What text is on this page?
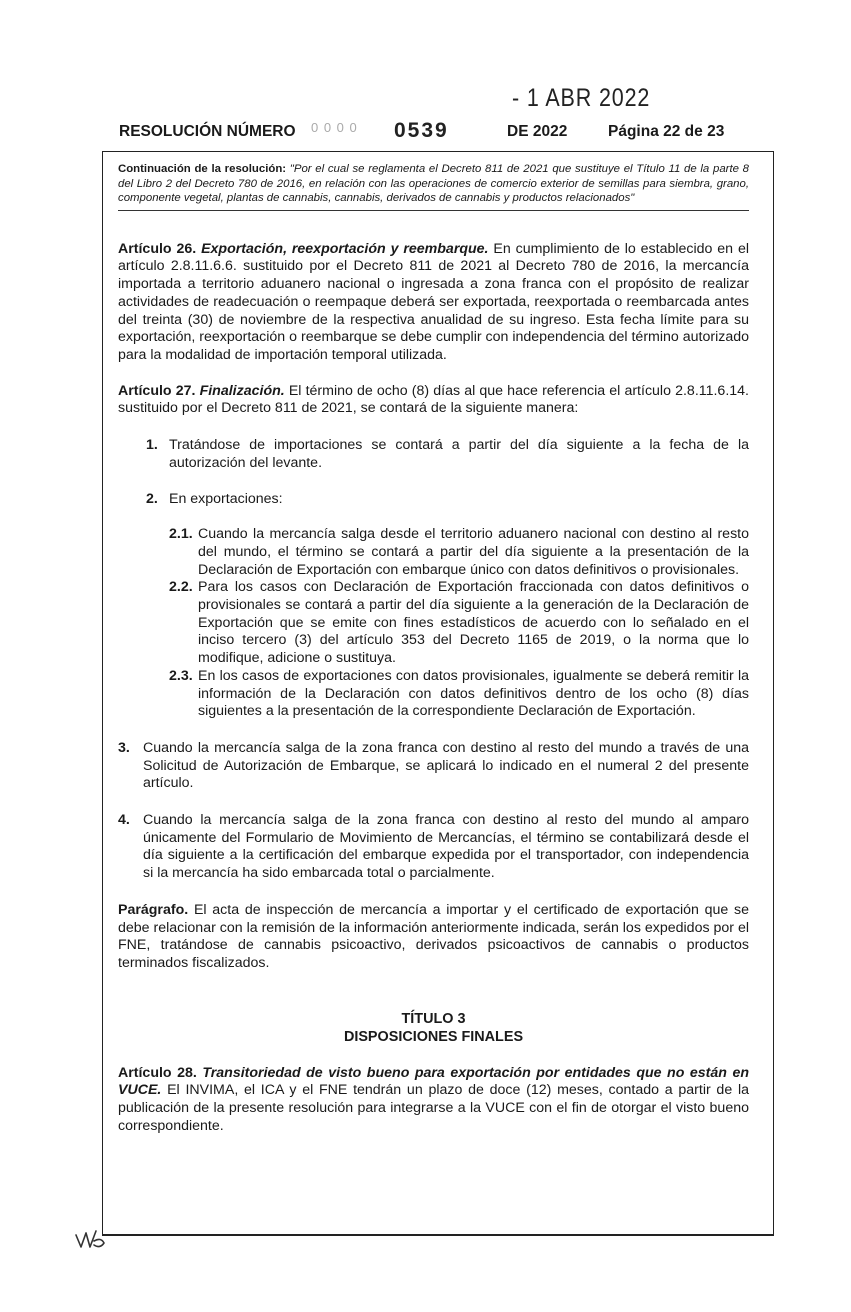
- 1 ABR 2022
RESOLUCIÓN NÚMERO 0 0 0 0 0539	DE 2022	Página 22 de 23
Continuación de la resolución: "Por el cual se reglamenta el Decreto 811 de 2021 que sustituye el Título 11 de la parte 8 del Libro 2 del Decreto 780 de 2016, en relación con las operaciones de comercio exterior de semillas para siembra, grano, componente vegetal, plantas de cannabis, cannabis, derivados de cannabis y productos relacionados"

Artículo 26. Exportación, reexportación y reembarque. En cumplimiento de lo establecido en el artículo 2.8.11.6.6. sustituido por el Decreto 811 de 2021 al Decreto 780 de 2016, la mercancía importada a territorio aduanero nacional o ingresada a zona franca con el propósito de realizar actividades de readecuación o reempaque deberá ser exportada, reexportada o reembarcada antes del treinta (30) de noviembre de la respectiva anualidad de su ingreso. Esta fecha límite para su exportación, reexportación o reembarque se debe cumplir con independencia del término autorizado para la modalidad de importación temporal utilizada.

Artículo 27. Finalización. El término de ocho (8) días al que hace referencia el artículo 2.8.11.6.14. sustituido por el Decreto 811 de 2021, se contará de la siguiente manera:

1. Tratándose de importaciones se contará a partir del día siguiente a la fecha de la autorización del levante.
2. En exportaciones:
2.1. Cuando la mercancía salga desde el territorio aduanero nacional con destino al resto del mundo, el término se contará a partir del día siguiente a la presentación de la Declaración de Exportación con embarque único con datos definitivos o provisionales.
2.2. Para los casos con Declaración de Exportación fraccionada con datos definitivos o provisionales se contará a partir del día siguiente a la generación de la Declaración de Exportación que se emite con fines estadísticos de acuerdo con lo señalado en el inciso tercero (3) del artículo 353 del Decreto 1165 de 2019, o la norma que lo modifique, adicione o sustituya.
2.3. En los casos de exportaciones con datos provisionales, igualmente se deberá remitir la información de la Declaración con datos definitivos dentro de los ocho (8) días siguientes a la presentación de la correspondiente Declaración de Exportación.
3. Cuando la mercancía salga de la zona franca con destino al resto del mundo a través de una Solicitud de Autorización de Embarque, se aplicará lo indicado en el numeral 2 del presente artículo.
4. Cuando la mercancía salga de la zona franca con destino al resto del mundo al amparo únicamente del Formulario de Movimiento de Mercancías, el término se contabilizará desde el día siguiente a la certificación del embarque expedida por el transportador, con independencia si la mercancía ha sido embarcada total o parcialmente.

Parágrafo. El acta de inspección de mercancía a importar y el certificado de exportación que se debe relacionar con la remisión de la información anteriormente indicada, serán los expedidos por el FNE, tratándose de cannabis psicoactivo, derivados psicoactivos de cannabis o productos terminados fiscalizados.

TÍTULO 3
DISPOSICIONES FINALES

Artículo 28. Transitoriedad de visto bueno para exportación por entidades que no están en VUCE. El INVIMA, el ICA y el FNE tendrán un plazo de doce (12) meses, contado a partir de la publicación de la presente resolución para integrarse a la VUCE con el fin de otorgar el visto bueno correspondiente.
